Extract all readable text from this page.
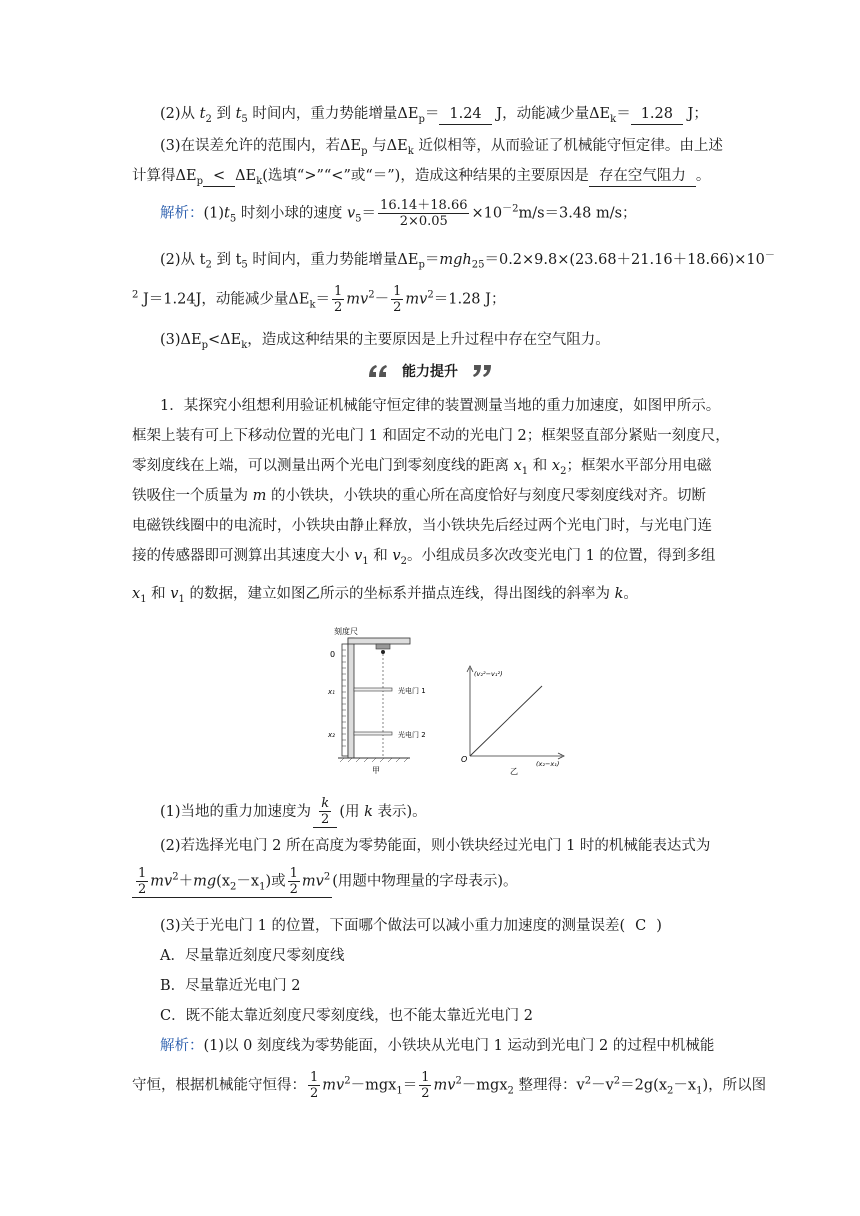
(2)从 $t_2$ 到 $t_5$ 时间内，重力势能增量$\Delta E_p= 1.24$ J，动能减少量$\Delta E_k= 1.28$ J；
(3)在误差允许的范围内，若$\Delta E_p$ 与$\Delta E_k$ 近似相等，从而验证了机械能守恒定律。由上述
计算得$\Delta E_p < \Delta E_k$(选填“>”“<”或“＝”)，造成这种结果的主要原因是 存在空气阻力 。
解析：$(1)t_5$ 时刻小球的速度 $v_5= \frac{16.14+18.66}{2\times 0.05} \times 10^{-2}m/s=3.48$ m/s；
(2)从 $t_2$ 到 $t_5$ 时间内，重力势能增量$\Delta E_p=mgh_{25}=0.2\times 9.8\times(23.68+21.16+18.66)\times 10^-$
$^2$ J＝1.24J，动能减少量$\Delta E_k= \frac{1}{2} mv^2- \frac{1}{2} mv^2=1.28$ J；
$(3)\Delta E_p<\Delta E_k$，造成这种结果的主要原因是上升过程中存在空气阻力。
能力提升
1．某探究小组想利用验证机械能守恒定律的装置测量当地的重力加速度，如图甲所示。
框架上装有可上下移动位置的光电门 1 和固定不动的光电门 2；框架竖直部分紧贴一刻度尺，
零刻度线在上端，可以测量出两个光电门到零刻度线的距离 $x_1$ 和 $x_2$；框架水平部分用电磁
铁吸住一个质量为 m 的小铁块，小铁块的重心所在高度恰好与刻度尺零刻度线对齐。切断
电磁铁线圈中的电流时，小铁块由静止释放，当小铁块先后经过两个光电门时，与光电门连
接的传感器即可测算出其速度大小 $v_1$ 和 $v_2$。小组成员多次改变光电门 1 的位置，得到多组
$x_1$ 和 $v_1$ 的数据，建立如图乙所示的坐标系并描点连线，得出图线的斜率为 k。
刻度尺
0
x₁	光电门 1
x₂	光电门 2
甲
(v₂²−v₁²)
(x₂−x₁)
O
乙
(1)当地的重力加速度为 $\frac{k}{2}$ (用 k 表示)。
(2)若选择光电门 2 所在高度为零势能面，则小铁块经过光电门 1 时的机械能表达式为
$\frac{1}{2} mv^2+mg(x_2-x_1)$或 $\frac{1}{2} mv^2$ (用题中物理量的字母表示)。
(3)关于光电门 1 的位置，下面哪个做法可以减小重力加速度的测量误差( C )
A．尽量靠近刻度尺零刻度线
B．尽量靠近光电门 2
C．既不能太靠近刻度尺零刻度线，也不能太靠近光电门 2
解析：(1)以 0 刻度线为零势能面，小铁块从光电门 1 运动到光电门 2 的过程中机械能
守恒，根据机械能守恒得： $\frac{1}{2} mv^2-mgx_1= \frac{1}{2} mv^2-mgx_2$ 整理得：$v^2-v^2=2g(x_2-x_1)$，所以图
